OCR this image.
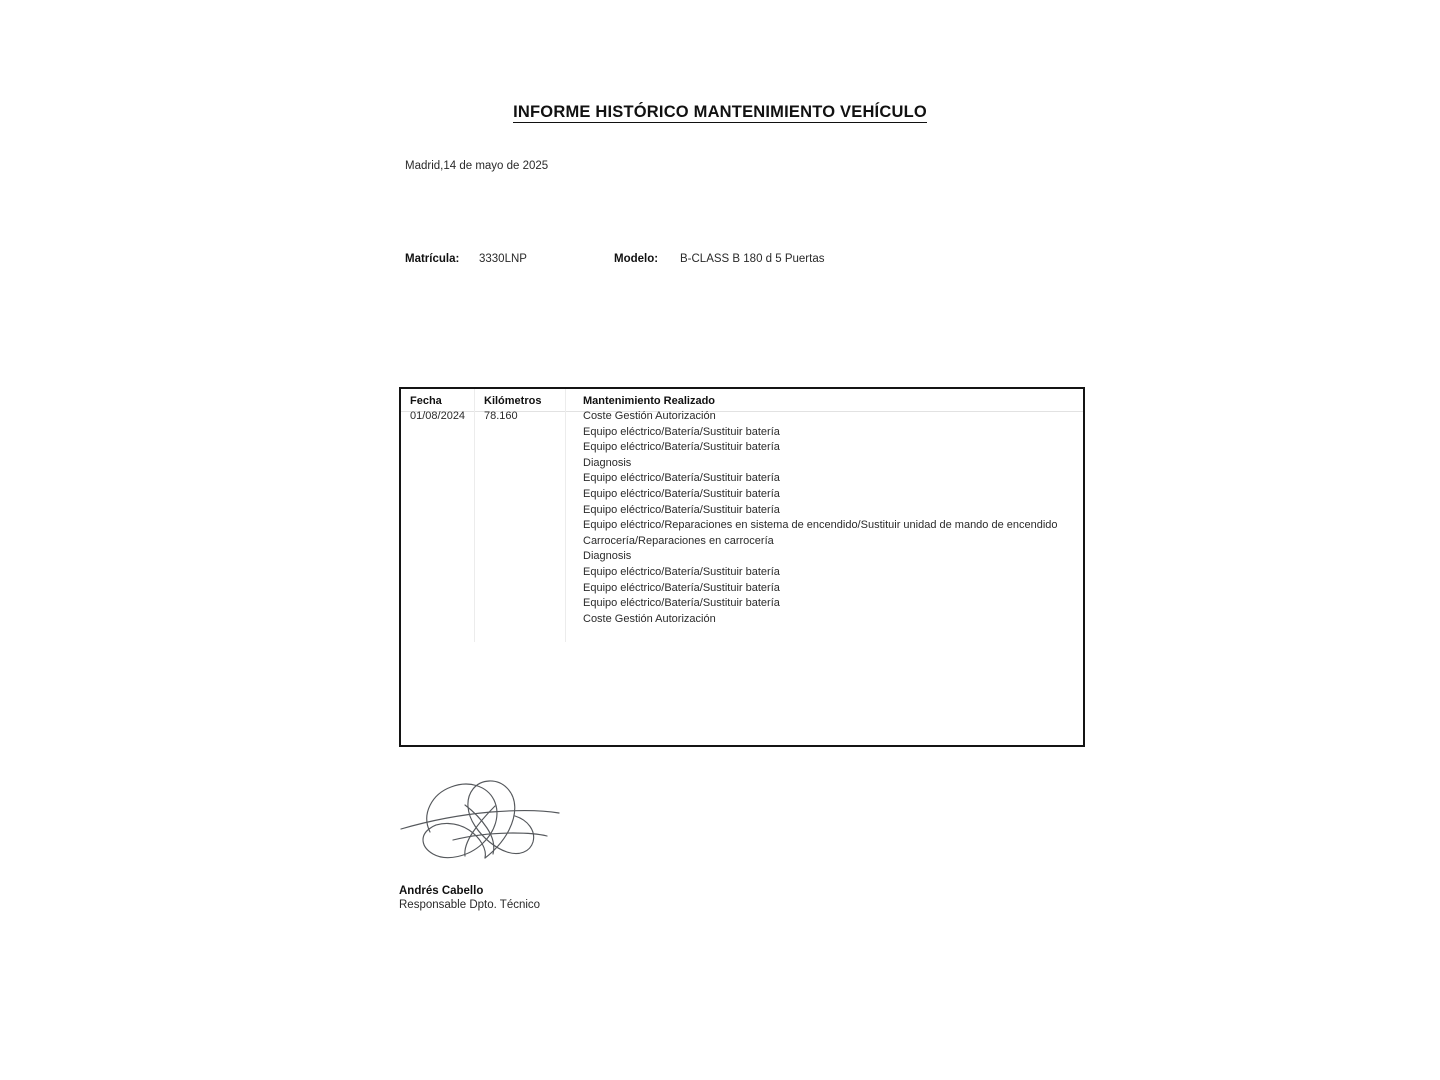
INFORME HISTÓRICO MANTENIMIENTO VEHÍCULO
Madrid,14 de mayo de 2025
Matrícula: 3330LNP	Modelo: B-CLASS B 180 d 5 Puertas
Fecha	Kilómetros	Mantenimiento Realizado
01/08/2024	78.160	Coste Gestión Autorización
Equipo eléctrico/Batería/Sustituir batería
Equipo eléctrico/Batería/Sustituir batería
Diagnosis
Equipo eléctrico/Batería/Sustituir batería
Equipo eléctrico/Batería/Sustituir batería
Equipo eléctrico/Batería/Sustituir batería
Equipo eléctrico/Reparaciones en sistema de encendido/Sustituir unidad de mando de encendido
Carrocería/Reparaciones en carrocería
Diagnosis
Equipo eléctrico/Batería/Sustituir batería
Equipo eléctrico/Batería/Sustituir batería
Equipo eléctrico/Batería/Sustituir batería
Coste Gestión Autorización
Andrés Cabello
Responsable Dpto. Técnico
